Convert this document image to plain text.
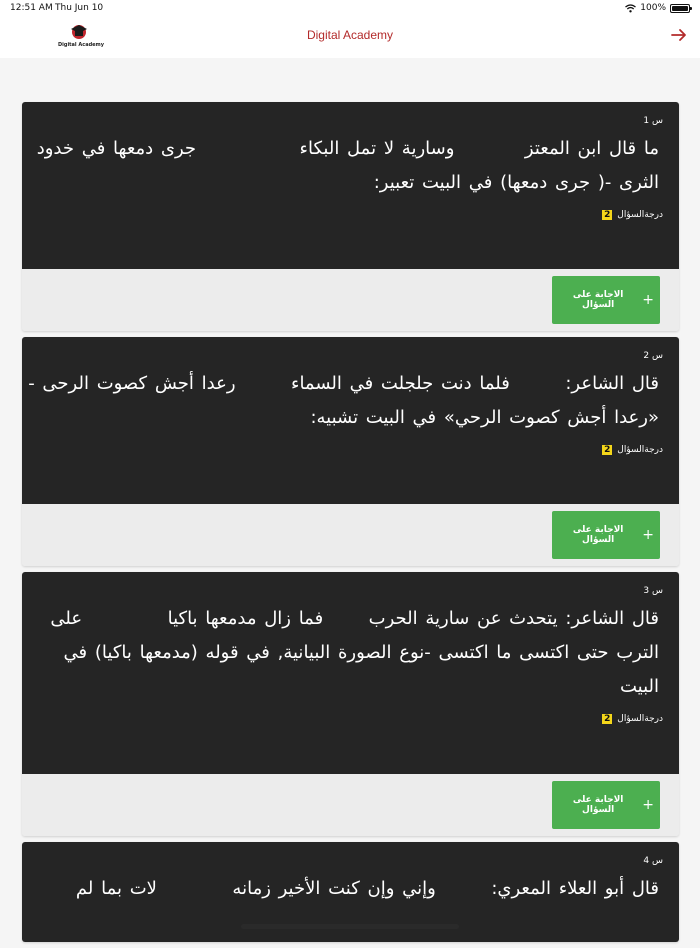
12:51 AM Thu Jun 10	100%
Digital Academy
Digital Academy
س 1
ما قال ابن المعتز  وسارية لا تمل البكاء  جرى دمعها في خدود
الثرى -( جرى دمعها) في البيت تعبير:
درجةالسؤال 2
+
الاجابة على السؤال
س 2
قال الشاعر:  فلما دنت جلجلت في السماء  رعدا أجش كصوت الرحى -
«رعدا أجش كصوت الرحي» في البيت تشبيه:
درجةالسؤال 2
+
الاجابة على السؤال
س 3
قال الشاعر: يتحدث عن سارية الحرب  فما زال مدمعها باكيا  على
الترب حتى اكتسى ما اكتسى -نوع الصورة البيانية, في قوله (مدمعها باكيا) في
البيت
درجةالسؤال 2
+
الاجابة على السؤال
س 4
قال أبو العلاء المعري:  وإني وإن كنت الأخير زمانه  لات بما لم
